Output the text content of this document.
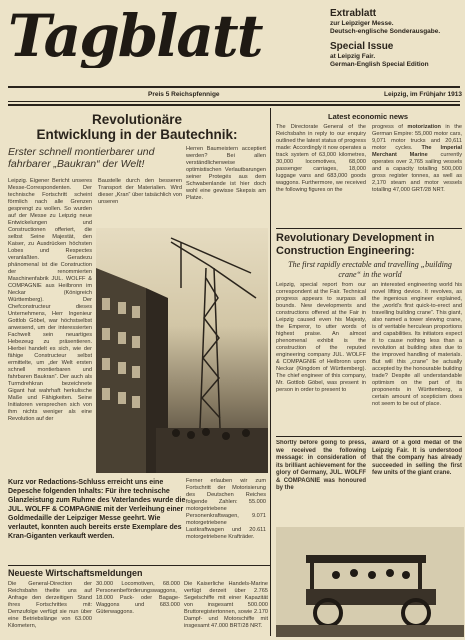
Tagblatt	Extrablatt
zur Leipziger Messe.
Deutsch-englische Sonderausgabe.
Special Issue
at Leipzig Fair.
German-English Special Edition
Preis 5 Reichspfennige	Leipzig, im Frühjahr 1913
Revolutionäre
Entwicklung in der Bautechnik:
Erster schnell montierbarer und fahrbarer „Baukran“ der Welt!
Leipzig. Eigener Bericht unseres Messe-Correspondenten. Der technische Fortschritt scheint förmlich nach alle Grenzen gesprengt zu wollen. So wurden auf der Messe zu Leipzig neue Entwickelungen und Constructionen offeriert, die selbst Seine Majestät, den Kaiser, zu Ausdrücken höchsten Lobes und Respectes veranlaßten. Geradezu phänomenal ist die Construction der renommierten Maschinenfabrik JUL. WOLFF & COMPAGNIE aus Heilbronn im Neckar (Königreich Württemberg). Der Chefconstructeur dieses Unternehmens, Herr Ingenieur Gottlob Göbel, war höchstselbst anwesend, um der interessierten Fachwelt sein neuartiges Hebezeug zu präsentieren. Hierbei handelt es sich, wie der fähige Constructeur selbst ermittelte, um „der Welt ersten schnell montierbaren und fahrbaren Baukran“. Der auch als Turmdrehkran bezeichnete Gigant hat wahrhaft herkulische Maße und Fähigkeiten. Seine Initiatoren versprechen sich von ihm nichts weniger als eine Revolution auf der
Baustelle durch den besseren Transport der Materialien. Wird dieser „Kran“ über tatsächlich von unseren
Herren Baumeistern acceptiert werden? Bei allen verständlicherweise optimistischen Verlautbarungen seiner Protegés aus dem Schwabenlande ist hier doch wohl eine gewisse Skepsis am Platze.
Kurz vor Redactions-Schluss erreicht uns eine Depesche folgenden Inhalts: Für ihre technische Glanzleistung zum Ruhme des Vaterlandes wurde die JUL. WOLFF & COMPAGNIE mit der Verleihung einer Goldmedaille der Leipziger Messe geehrt. Wie verlautet, konnten auch bereits erste Exemplare des Kran-Giganten verkauft werden.
Ferner erlauben wir zum Fortschritt der Motorisierung des Deutschen Reiches folgende Zahlen: 55.000 motorgetriebene Personenkraftwagen, 9.071 motorgetriebene Lastkraftwagen und 20.611 motorgetriebene Krafträder.
Neueste Wirtschaftsmeldungen
Die General-Direction der Reichsbahn theilte uns auf Anfrage den derzeitigen Stand ihres Fortschrittes mit: Demzufolge verfügt sie nun über eine Betriebslänge von 63.000 Kilometern,
30.000 Locomotiven, 68.000 Personenbeförderungswaggons, 18.000 Pack- oder Bagage-Waggons und 683.000 Güterwaggons.
Die Kaiserliche Handels-Marine verfügt derzeit über 2.765 Segelschiffe mit einer Kapazität von insgesamt 500.000 Bruttoregistertonnen, sowie 2.170 Dampf- und Motorschiffe mit insgesamt 47.000 BRT/28 NRT.
Latest economic news
The Directorate General of the Reichsbahn in reply to our enquiry outlined the latest status of progress made: Accordingly it now operates a track system of 63,000 kilometres, 30,000 locomotives, 68,000 passenger carriages, 18,000 luggage vans and 683,000 goods waggons. Furthermore, we received the following figures on the
progress of motorization in the German Empire: 55,000 motor cars, 9,071 motor trucks and 20,611 motor cycles. The Imperial Merchant Marine currently operates over 2,765 sailing vessels and a capacity totalling 500,000 gross register tonnes, as well as 2,170 steam and motor vessels totalling 47,000 GRT/28 NRT.
Revolutionary Development in Construction Engineering:
The first rapidly erectable and travelling „building crane“ in the world
Leipzig, special report from our correspondent at the Fair. Technical progress appears to surpass all bounds. New developments and constructions offered at the Fair in Leipzig caused even his Majesty, the Emperor, to utter words of highest praise. An almost phenomenal exhibit is the construction of the reputed engineering company JUL. WOLFF & COMPAGNIE of Heilbronn upon Neckar (Kingdom of Württemberg). The chief engineer of this company, Mr. Gottlob Göbel, was present in person in order to present to
an interested engineering world his novel lifting device. It revolves, as the ingenious engineer explained, the „world’s first quick-to-erect and travelling building crane“. This giant, also named a tower slewing crane, is of veritable herculean proportions and capabilities. Its initiators expect it to cause nothing less than a revolution at building sites due to the improved handling of materials. But will this „crane“ be actually accepted by the honourable building trade? Despite all understandable optimism on the part of its proponents in Württemberg, a certain amount of scepticism does not seem to be out of place.
Shortly before going to press, we received the following message: in consideration of its brilliant achievement for the glory of Germany, JUL. WOLFF & COMPAGNIE was honoured by the
award of a gold medal of the Leipzig Fair. It is understood that the company has already succeeded in selling the first few units of the giant crane.
